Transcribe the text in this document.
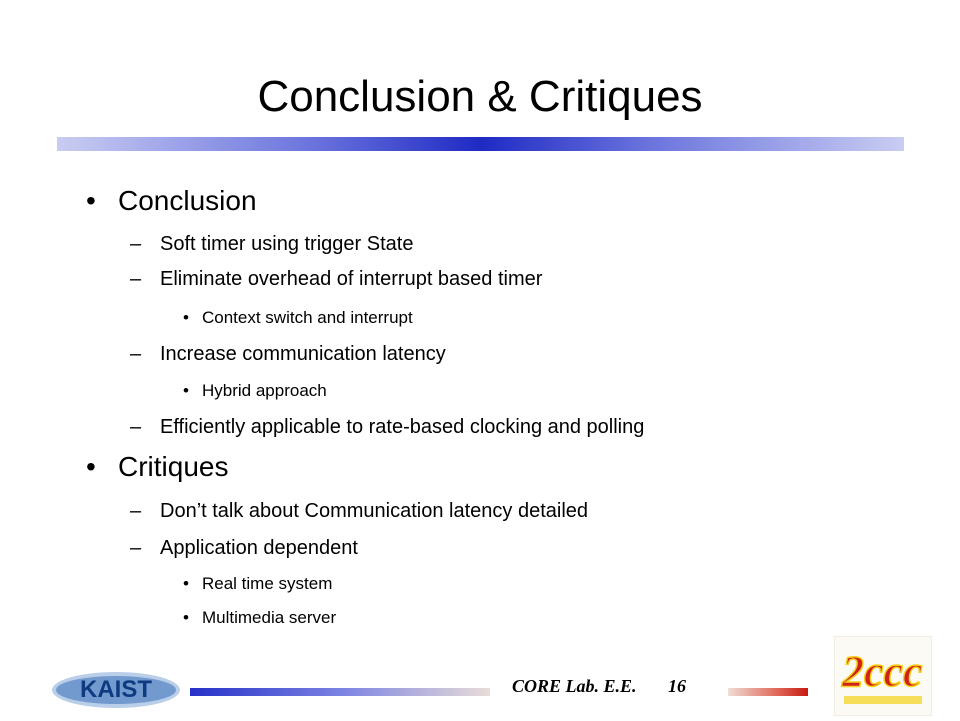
Conclusion & Critiques
• Conclusion
– Soft timer using trigger State
– Eliminate overhead of interrupt based timer
• Context switch and interrupt
– Increase communication latency
• Hybrid approach
– Efficiently applicable to rate-based clocking and polling
• Critiques
– Don’t talk about Communication latency detailed
– Application dependent
• Real time system
• Multimedia server
KAIST	CORE Lab. E.E. 16	2ccc
